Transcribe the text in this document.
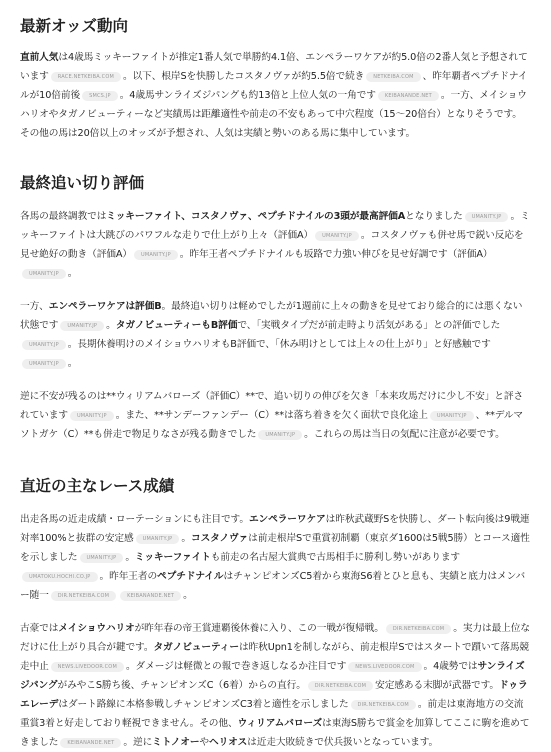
最新オッズ動向

直前人気は4歳馬ミッキーファイトが推定1番人気で単勝約4.1倍、エンペラーワケアが約5.0倍の2番人気と予想されています RACE.NETKEIBA.COM 。以下、根岸Sを快勝したコスタノヴァが約5.5倍で続き NETKEIBA.COM 、昨年覇者ペプチドナイルが10倍前後 SMCS.JP 。4歳馬サンライズジパングも約13倍と上位人気の一角です KEIBANANDE.NET 。一方、メイショウハリオやタガノビューティーなど実績馬は距離適性や前走の不安もあって中穴程度（15〜20倍台）となりそうです。その他の馬は20倍以上のオッズが予想され、人気は実績と勢いのある馬に集中しています。

最終追い切り評価

各馬の最終調教ではミッキーファイト、コスタノヴァ、ペプチドナイルの3頭が最高評価Aとなりました UMANITY.JP 。ミッキーファイトは大跳びのパワフルな走りで仕上がり上々（評価A） UMANITY.JP 。コスタノヴァも併せ馬で鋭い反応を見せ絶好の動き（評価A） UMANITY.JP 。昨年王者ペプチドナイルも坂路で力強い伸びを見せ好調です（評価A）UMANITY.JP 。

一方、エンペラーワケアは評価B。最終追い切りは軽めでしたが1週前に上々の動きを見せており総合的には悪くない状態です UMANITY.JP 。タガノビューティーもB評価で、「実戦タイプだが前走時より活気がある」との評価でしたUMANITY.JP 。長期休養明けのメイショウハリオもB評価で、「休み明けとしては上々の仕上がり」と好感触ですUMANITY.JP 。

逆に不安が残るのは**ウィリアムバローズ（評価C）**で、追い切りの伸びを欠き「本来攻馬だけに少し不安」と評されています UMANITY.JP 。また、**サンデーファンデー（C）**は落ち着きを欠く面状で良化途上 UMANITY.JP 、**デルマソトガケ（C）**も併走で物足りなさが残る動きでした UMANITY.JP 。これらの馬は当日の気配に注意が必要です。

直近の主なレース成績

出走各馬の近走成績・ローテーションにも注目です。エンペラーワケアは昨秋武蔵野Sを快勝し、ダート転向後は9戦連対率100%と抜群の安定感 UMANITY.JP 。コスタノヴァは前走根岸Sで重賞初制覇（東京ダ1600は5戦5勝）とコース適性を示しました UMANITY.JP 。ミッキーファイトも前走の名古屋大賞典で古馬相手に勝利し勢いがありますUMATOKU.HOCHI.CO.JP 。昨年王者のペプチドナイルはチャンピオンズC5着から東海S6着とひと息も、実績と底力はメンバー随一 DIR.NETKEIBA.COM	KEIBANANDE.NET 。

古豪ではメイショウハリオが昨年春の帝王賞連覇後休養に入り、この一戦が復帰戦。 DIR.NETKEIBA.COM 。実力は最上位なだけに仕上がり具合が鍵です。タガノビューティーは昨秋Upn1を制しながら、前走根岸Sではスタートで躓いて落馬競走中止 NEWS.LIVEDOOR.COM 。ダメージは軽微との報で巻き返しなるか注目です NEWS.LIVEDOOR.COM 。4歳勢ではサンライズジパングがみやこS勝ち後、チャンピオンズC（6着）からの直行。 DIR.NETKEIBA.COM 安定感ある末脚が武器です。ドゥラエレーデはダート路線に本格参戦しチャンピオンズC3着と適性を示しました DIR.NETKEIBA.COM 。前走は東海地方の交流重賞3着と好走しており軽視できません。その他、ウィリアムバローズは東海S勝ちで賞金を加算してここに駒を進めてきました KEIBANANDE.NET 。逆にミトノオーやヘリオスは近走大敗続きで伏兵扱いとなっています。
